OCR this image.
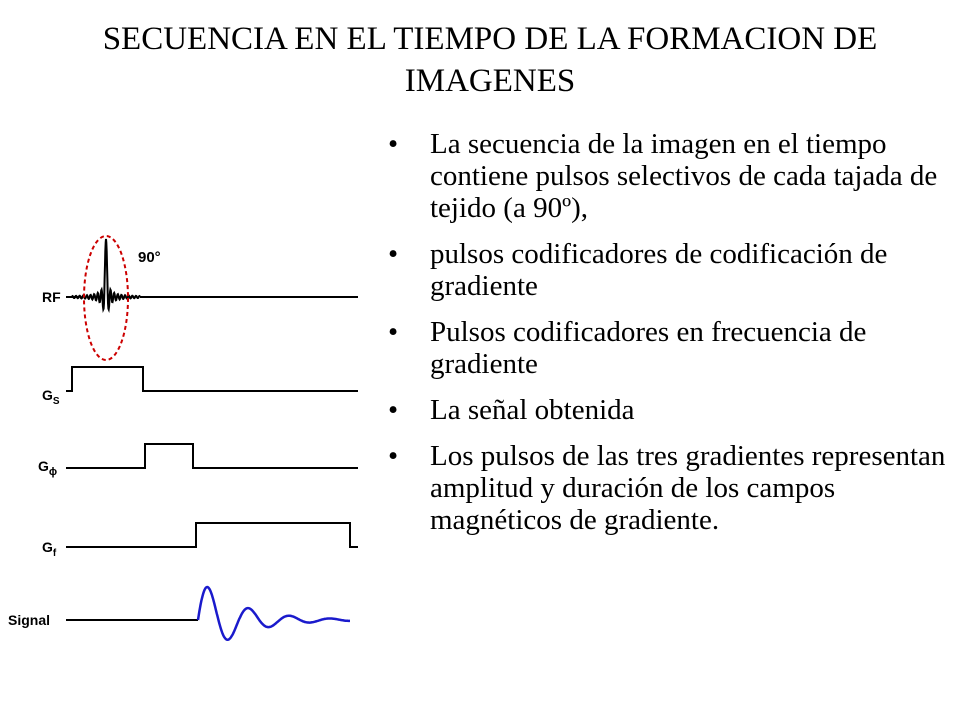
SECUENCIA EN EL TIEMPO DE LA FORMACION DE IMAGENES
• La secuencia de la imagen en el tiempo contiene pulsos selectivos de cada tajada de tejido (a 90º),
• pulsos codificadores de codificación de gradiente
• Pulsos codificadores en frecuencia de gradiente
• La señal obtenida
• Los pulsos de las tres gradientes representan amplitud y duración de los campos magnéticos de gradiente.
RF
90°
$G_S$
$G_\phi$
$G_f$
Signal
